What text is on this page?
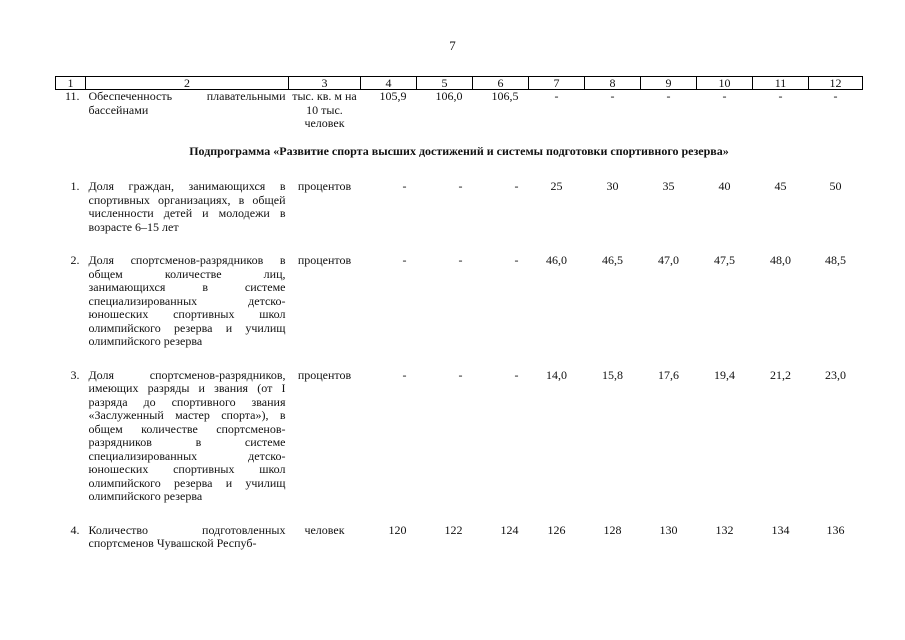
7
1	2	3	4	5	6	7	8	9	10	11	12
11.	Обеспеченность плавательными бассейнами	тыс. кв. м на 10 тыс. человек	105,9	106,0	106,5	-	-	-	-	-	-
Подпрограмма «Развитие спорта высших достижений и системы подготовки спортивного резерва»											
1.	Доля граждан, занимающихся в спортивных организациях, в общей численности детей и молодежи в возрасте 6–15 лет	процентов	-	-	-	25	30	35	40	45	50
2.	Доля спортсменов-разрядников в общем количестве лиц, занимающихся в системе специализированных детско-юношеских спортивных школ олимпийского резерва и училищ олимпийского резерва	процентов	-	-	-	46,0	46,5	47,0	47,5	48,0	48,5
3.	Доля спортсменов-разрядников, имеющих разряды и звания (от I разряда до спортивного звания «Заслуженный мастер спорта»), в общем количестве спортсменов-разрядников в системе специализированных детско-юношеских спортивных школ олимпийского резерва и училищ олимпийского резерва	процентов	-	-	-	14,0	15,8	17,6	19,4	21,2	23,0
4.	Количество подготовленных спортсменов Чувашской Респуб-	человек	120	122	124	126	128	130	132	134	136
